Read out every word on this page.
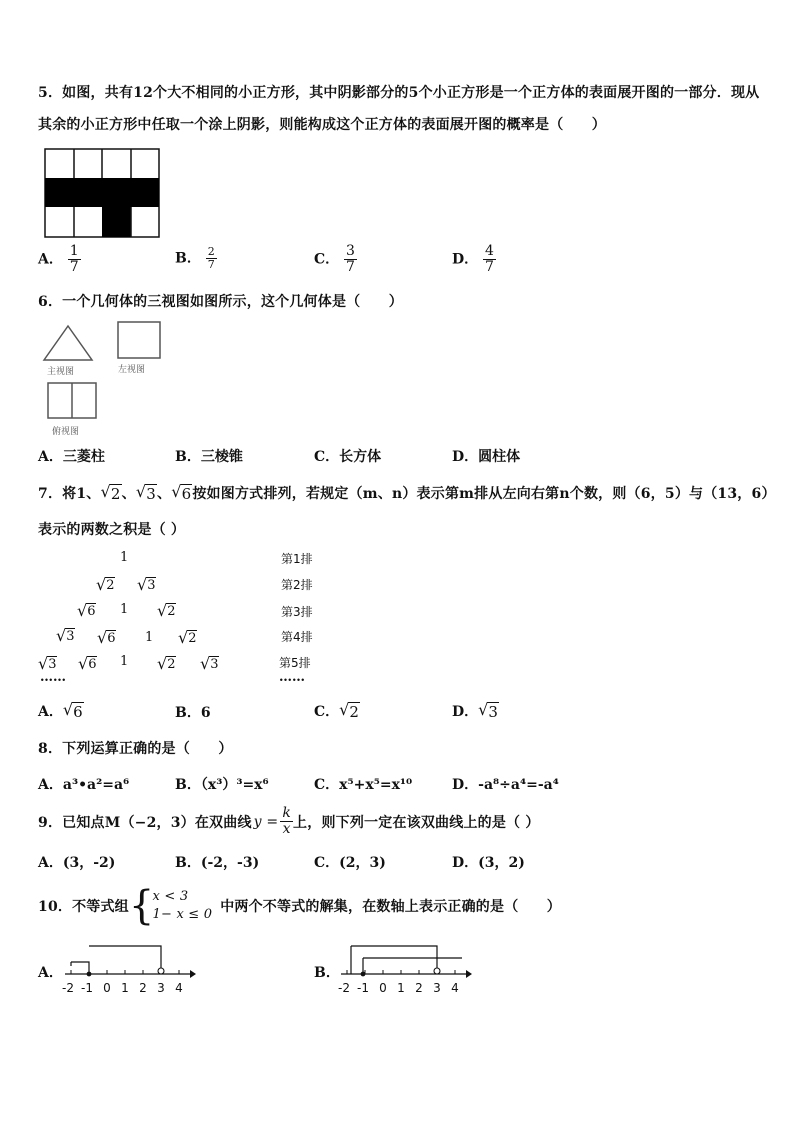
5．如图，共有12个大不相同的小正方形，其中阴影部分的5个小正方形是一个正方体的表面展开图的一部分．现从
其余的小正方形中任取一个涂上阴影，则能构成这个正方体的表面展开图的概率是（　　）
A． $\frac{1}{7}$	B． $\frac{2}{7}$	C． $\frac{3}{7}$	D． $\frac{4}{7}$
6．一个几何体的三视图如图所示，这个几何体是（　　）
主视图	左视图
俯视图
A．三菱柱	B．三棱锥	C．长方体	D．圆柱体
7．将1、 √ 2 、 √ 3 、 √ 6 按如图方式排列，若规定（m、n）表示第m排从左向右第n个数，则（6，5）与（13，6）
表示的两数之积是（ ）
1
√ 2 √ 3
√ 6 1 √ 2
√ 3 √ 6 1 √ 2
√ 3 √ 6 1 √ 2 √ 3
……
第1排
第2排
第3排
第4排
第5排
……
A． √ 6	B．6	C． √ 2	D． √ 3
8．下列运算正确的是（　　）
A．a³•a²=a⁶	B．（x³）³=x⁶	C．x⁵+x⁵=x¹⁰	D．-a⁸÷a⁴=-a⁴
9．已知点M（−2，3）在双曲线 $y = \frac{k}{x}$ 上，则下列一定在该双曲线上的是（ ）
A．(3，-2)	B．(-2，-3)	C．(2，3)	D．(3，2)
10．不等式组 {
x < 3
1− x ≤ 0 中两个不等式的解集，在数轴上表示正确的是（　　）
A．
-2 -1 0 1 2 3 4
B．
-2 -1 0 1 2 3 4
